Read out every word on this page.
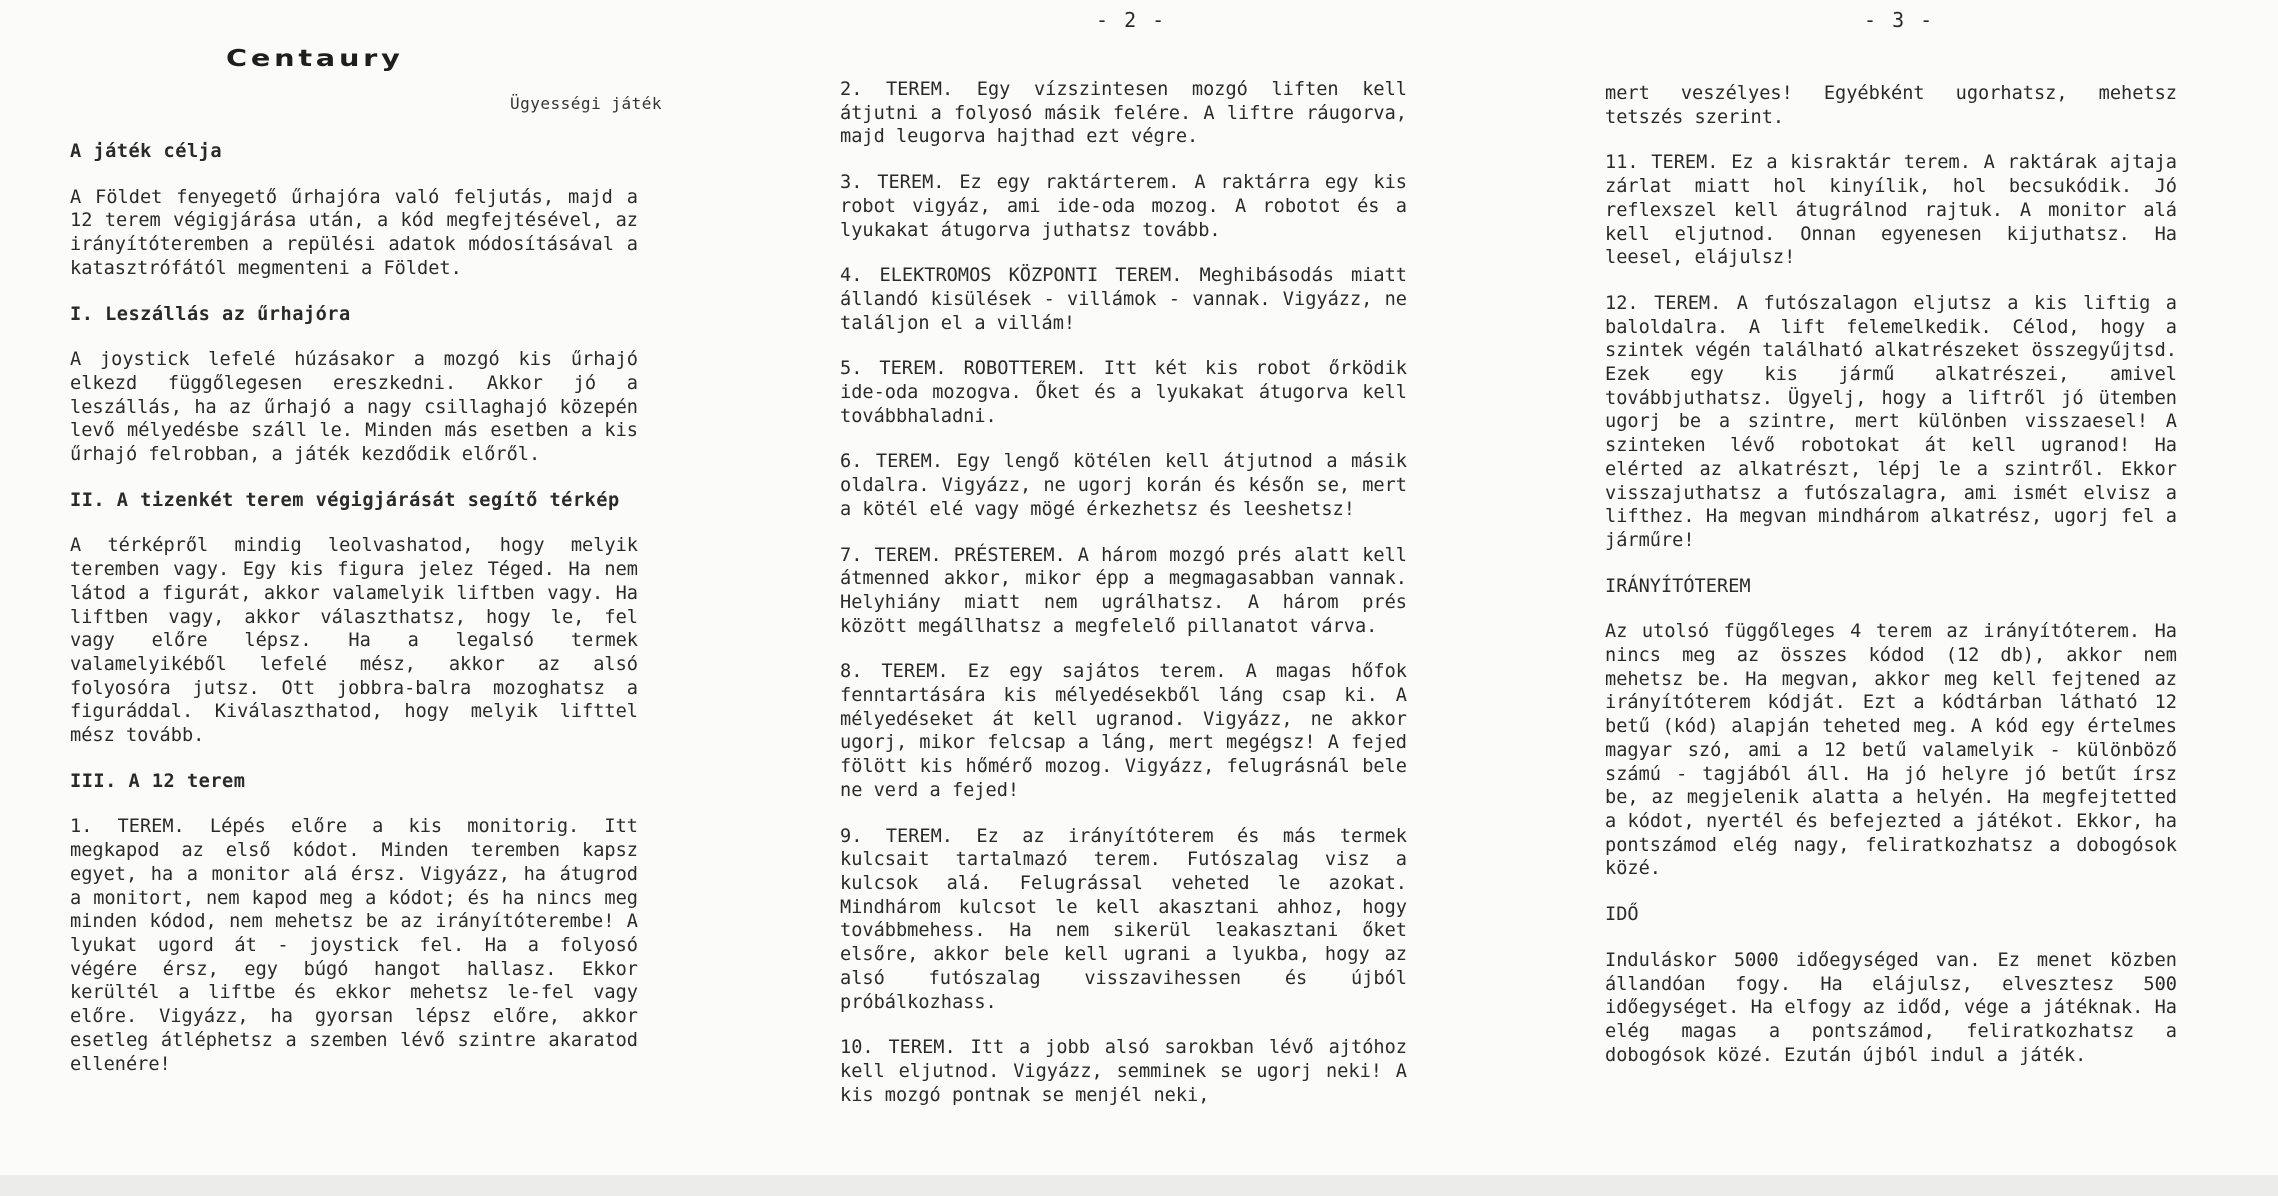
- 2 -	- 3 -
Centaury
Ügyességi játék

A játék célja

A Földet fenyegető űrhajóra való feljutás, majd a 12 terem végigjárása után, a kód megfejtésével, az irányítóteremben a repülési adatok módosításával a katasztrófától megmenteni a Földet.

I. Leszállás az űrhajóra

A joystick lefelé húzásakor a mozgó kis űrhajó elkezd függőlegesen ereszkedni. Akkor jó a leszállás, ha az űrhajó a nagy csillaghajó közepén levő mélyedésbe száll le. Minden más esetben a kis űrhajó felrobban, a játék kezdődik előről.

II. A tizenkét terem végigjárását segítő térkép

A térképről mindig leolvashatod, hogy melyik teremben vagy. Egy kis figura jelez Téged. Ha nem látod a figurát, akkor valamelyik liftben vagy. Ha liftben vagy, akkor választhatsz, hogy le, fel vagy előre lépsz. Ha a legalsó termek valamelyikéből lefelé mész, akkor az alsó folyosóra jutsz. Ott jobbra-balra mozoghatsz a figuráddal. Kiválaszthatod, hogy melyik lifttel mész tovább.

III. A 12 terem

1. TEREM. Lépés előre a kis monitorig. Itt megkapod az első kódot. Minden teremben kapsz egyet, ha a monitor alá érsz. Vigyázz, ha átugrod a monitort, nem kapod meg a kódot; és ha nincs meg minden kódod, nem mehetsz be az irányítóterembe! A lyukat ugord át - joystick fel. Ha a folyosó végére érsz, egy búgó hangot hallasz. Ekkor kerültél a liftbe és ekkor mehetsz le-fel vagy előre. Vigyázz, ha gyorsan lépsz előre, akkor esetleg átléphetsz a szemben lévő szintre akaratod ellenére!

2. TEREM. Egy vízszintesen mozgó liften kell átjutni a folyosó másik felére. A liftre ráugorva, majd leugorva hajthad ezt végre.

3. TEREM. Ez egy raktárterem. A raktárra egy kis robot vigyáz, ami ide-oda mozog. A robotot és a lyukakat átugorva juthatsz tovább.

4. ELEKTROMOS KÖZPONTI TEREM. Meghibásodás miatt állandó kisülések - villámok - vannak. Vigyázz, ne találjon el a villám!

5. TEREM. ROBOTTEREM. Itt két kis robot őrködik ide-oda mozogva. Őket és a lyukakat átugorva kell továbbhaladni.

6. TEREM. Egy lengő kötélen kell átjutnod a másik oldalra. Vigyázz, ne ugorj korán és későn se, mert a kötél elé vagy mögé érkezhetsz és leeshetsz!

7. TEREM. PRÉSTEREM. A három mozgó prés alatt kell átmenned akkor, mikor épp a megmagasabban vannak. Helyhiány miatt nem ugrálhatsz. A három prés között megállhatsz a megfelelő pillanatot várva.

8. TEREM. Ez egy sajátos terem. A magas hőfok fenntartására kis mélyedésekből láng csap ki. A mélyedéseket át kell ugranod. Vigyázz, ne akkor ugorj, mikor felcsap a láng, mert megégsz! A fejed fölött kis hőmérő mozog. Vigyázz, felugrásnál bele ne verd a fejed!

9. TEREM. Ez az irányítóterem és más termek kulcsait tartalmazó terem. Futószalag visz a kulcsok alá. Felugrással veheted le azokat. Mindhárom kulcsot le kell akasztani ahhoz, hogy továbbmehess. Ha nem sikerül leakasztani őket elsőre, akkor bele kell ugrani a lyukba, hogy az alsó futószalag visszavihessen és újból próbálkozhass.

10. TEREM. Itt a jobb alsó sarokban lévő ajtóhoz kell eljutnod. Vigyázz, semminek se ugorj neki! A kis mozgó pontnak se menjél neki,

mert veszélyes! Egyébként ugorhatsz, mehetsz tetszés szerint.

11. TEREM. Ez a kisraktár terem. A raktárak ajtaja zárlat miatt hol kinyílik, hol becsukódik. Jó reflexszel kell átugrálnod rajtuk. A monitor alá kell eljutnod. Onnan egyenesen kijuthatsz. Ha leesel, elájulsz!

12. TEREM. A futószalagon eljutsz a kis liftig a baloldalra. A lift felemelkedik. Célod, hogy a szintek végén található alkatrészeket összegyűjtsd. Ezek egy kis jármű alkatrészei, amivel továbbjuthatsz. Ügyelj, hogy a liftről jó ütemben ugorj be a szintre, mert különben visszaesel! A szinteken lévő robotokat át kell ugranod! Ha elérted az alkatrészt, lépj le a szintről. Ekkor visszajuthatsz a futószalagra, ami ismét elvisz a lifthez. Ha megvan mindhárom alkatrész, ugorj fel a járműre!

IRÁNYÍTÓTEREM

Az utolsó függőleges 4 terem az irányítóterem. Ha nincs meg az összes kódod (12 db), akkor nem mehetsz be. Ha megvan, akkor meg kell fejtened az irányítóterem kódját. Ezt a kódtárban látható 12 betű (kód) alapján teheted meg. A kód egy értelmes magyar szó, ami a 12 betű valamelyik - különböző számú - tagjából áll. Ha jó helyre jó betűt írsz be, az megjelenik alatta a helyén. Ha megfejtetted a kódot, nyertél és befejezted a játékot. Ekkor, ha pontszámod elég nagy, feliratkozhatsz a dobogósok közé.

IDŐ

Induláskor 5000 időegységed van. Ez menet közben állandóan fogy. Ha elájulsz, elvesztesz 500 időegységet. Ha elfogy az időd, vége a játéknak. Ha elég magas a pontszámod, feliratkozhatsz a dobogósok közé. Ezután újból indul a játék.
